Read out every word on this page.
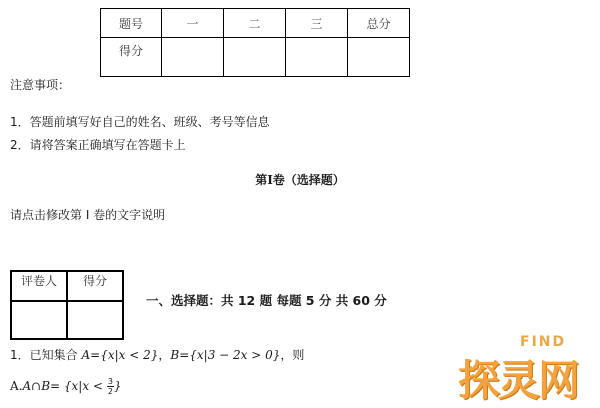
题号	一	二	三	总分
得分				
注意事项：
1．答题前填写好自己的姓名、班级、考号等信息
2．请将答案正确填写在答题卡上
第I卷（选择题）
请点击修改第 I 卷的文字说明
评卷人	得分

一、选择题：共 12 题 每题 5 分 共 60 分
1．已知集合 A={x|x < 2}，B={x|3 − 2x > 0}，则
A.A∩B= {$x|x < \frac{3}{2}$ }
FIND
探灵网
